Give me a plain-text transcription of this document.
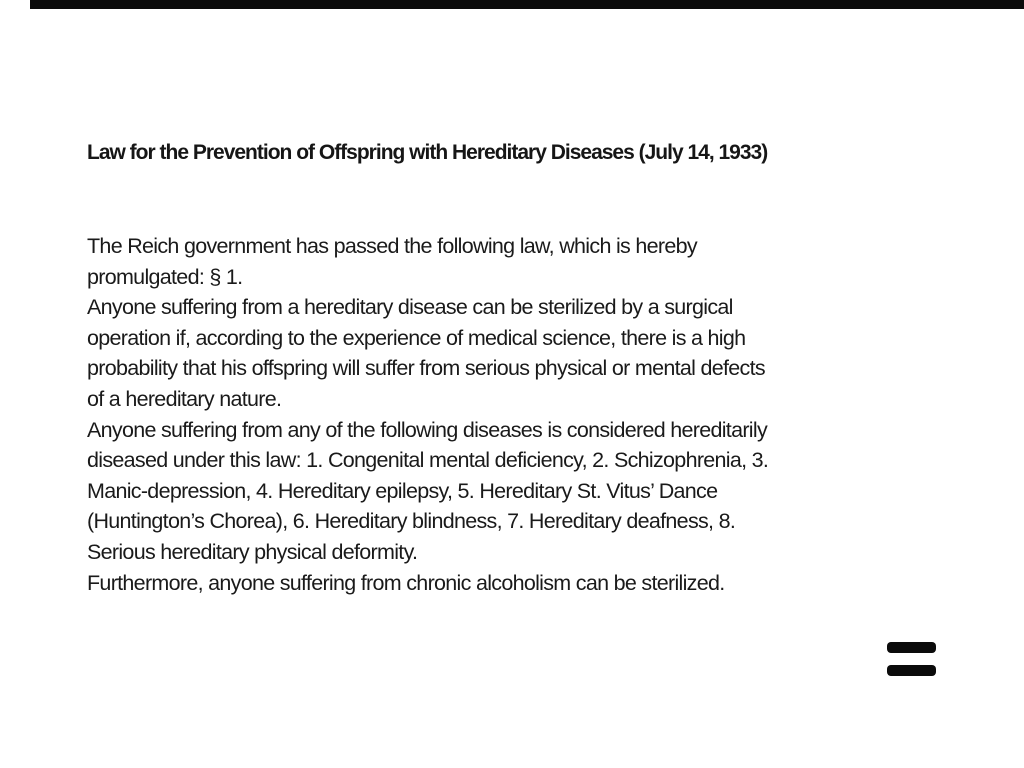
Law for the Prevention of Offspring with Hereditary Diseases (July 14, 1933)
The Reich government has passed the following law, which is hereby
promulgated: § 1.
Anyone suffering from a hereditary disease can be sterilized by a surgical
operation if, according to the experience of medical science, there is a high
probability that his offspring will suffer from serious physical or mental defects
of a hereditary nature.
Anyone suffering from any of the following diseases is considered hereditarily
diseased under this law: 1. Congenital mental deficiency, 2. Schizophrenia, 3.
Manic-depression, 4. Hereditary epilepsy, 5. Hereditary St. Vitus’ Dance
(Huntington’s Chorea), 6. Hereditary blindness, 7. Hereditary deafness, 8.
Serious hereditary physical deformity.
Furthermore, anyone suffering from chronic alcoholism can be sterilized.
